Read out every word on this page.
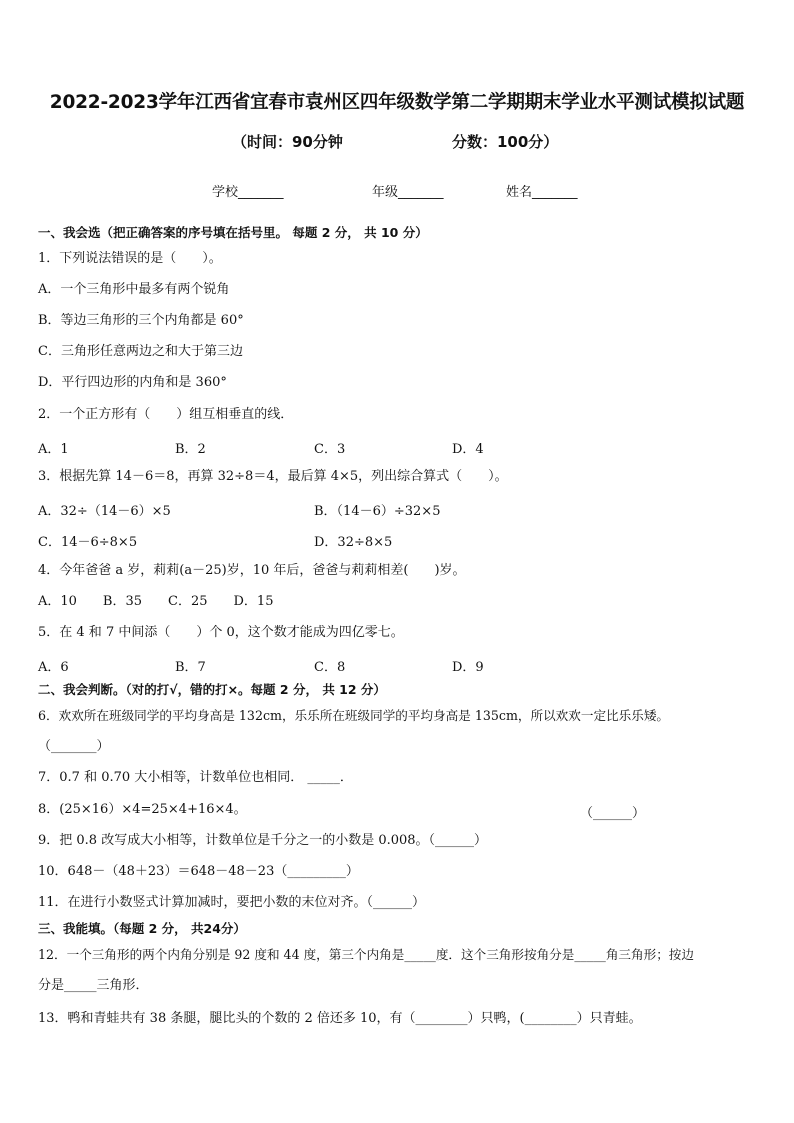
2022-2023学年江西省宜春市袁州区四年级数学第二学期期末学业水平测试模拟试题
（时间：90分钟	分数：100分）
学校_______	年级_______	姓名_______
一、我会选（把正确答案的序号填在括号里。 每题 2 分， 共 10 分）
1．下列说法错误的是（　　）。
A．一个三角形中最多有两个锐角
B．等边三角形的三个内角都是 60°
C．三角形任意两边之和大于第三边
D．平行四边形的内角和是 360°
2．一个正方形有（　　）组互相垂直的线．
A．1	B．2	C．3	D．4
3．根据先算 14－6＝8，再算 32÷8＝4，最后算 4×5，列出综合算式（　　）。
A．32÷（14－6）×5	B．（14－6）÷32×5
C．14－6÷8×5	D．32÷8×5
4．今年爸爸 a 岁，莉莉(a－25)岁，10 年后，爸爸与莉莉相差(　　)岁。
A．10　　B．35　　C．25　　D．15
5．在 4 和 7 中间添（　　）个 0，这个数才能成为四亿零七。
A．6	B．7	C．8	D．9
二、我会判断。（对的打√，错的打×。每题 2 分， 共 12 分）
6．欢欢所在班级同学的平均身高是 132cm，乐乐所在班级同学的平均身高是 135cm，所以欢欢一定比乐乐矮。
（_______）
7．0.7 和 0.70 大小相等，计数单位也相同． _____．
8．(25×16）×4=25×4+16×4。	（______）
9．把 0.8 改写成大小相等，计数单位是千分之一的小数是 0.008。（______）
10．648－（48＋23）＝648－48－23（_________）
11．在进行小数竖式计算加减时，要把小数的末位对齐。（______）
三、我能填。（每题 2 分， 共24分）
12．一个三角形的两个内角分别是 92 度和 44 度，第三个内角是_____度．这个三角形按角分是_____角三角形；按边
分是_____三角形．
13．鸭和青蛙共有 38 条腿，腿比头的个数的 2 倍还多 10，有（________）只鸭，(________）只青蛙。
